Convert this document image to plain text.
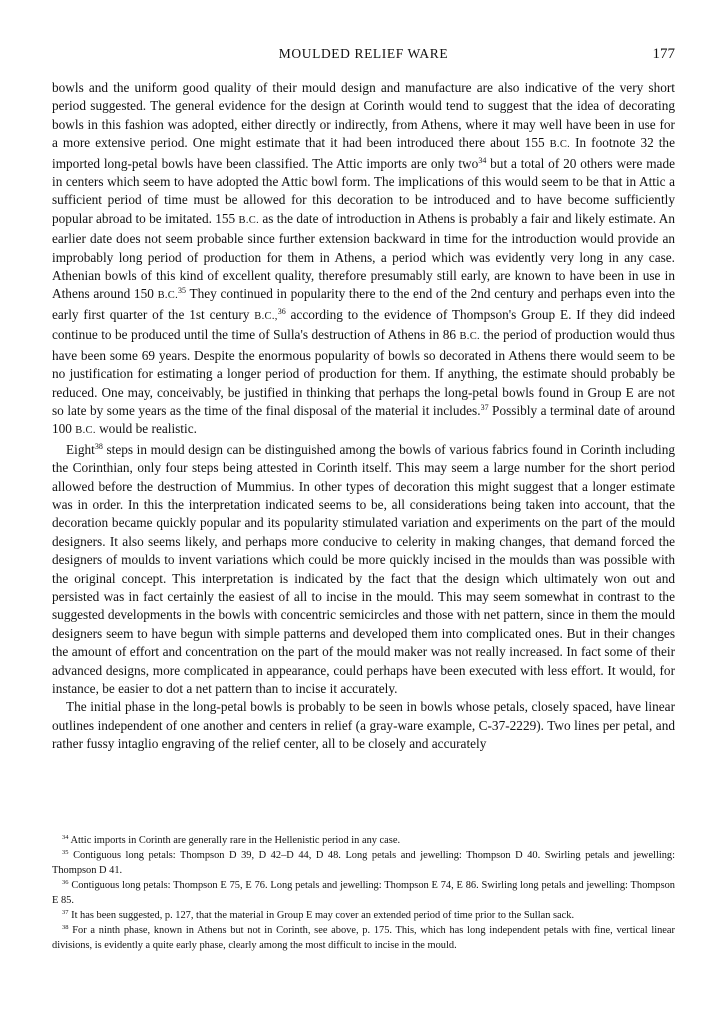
MOULDED RELIEF WARE	177

bowls and the uniform good quality of their mould design and manufacture are also indicative of the very short period suggested. The general evidence for the design at Corinth would tend to suggest that the idea of decorating bowls in this fashion was adopted, either directly or indirectly, from Athens, where it may well have been in use for a more extensive period. One might estimate that it had been introduced there about 155 B.C. In footnote 32 the imported long-petal bowls have been classified. The Attic imports are only two$^{34}$ but a total of 20 others were made in centers which seem to have adopted the Attic bowl form. The implications of this would seem to be that in Attic a sufficient period of time must be allowed for this decoration to be introduced and to have become sufficiently popular abroad to be imitated. 155 B.C. as the date of introduction in Athens is probably a fair and likely estimate. An earlier date does not seem probable since further extension backward in time for the introduction would provide an improbably long period of production for them in Athens, a period which was evidently very long in any case. Athenian bowls of this kind of excellent quality, therefore presumably still early, are known to have been in use in Athens around 150 B.C.$^{35}$ They continued in popularity there to the end of the 2nd century and perhaps even into the early first quarter of the 1st century B.C.,$^{36}$ according to the evidence of Thompson's Group E. If they did indeed continue to be produced until the time of Sulla's destruction of Athens in 86 B.C. the period of production would thus have been some 69 years. Despite the enormous popularity of bowls so decorated in Athens there would seem to be no justification for estimating a longer period of production for them. If anything, the estimate should probably be reduced. One may, conceivably, be justified in thinking that perhaps the long-petal bowls found in Group E are not so late by some years as the time of the final disposal of the material it includes.$^{37}$ Possibly a terminal date of around 100 B.C. would be realistic.

Eight$^{38}$ steps in mould design can be distinguished among the bowls of various fabrics found in Corinth including the Corinthian, only four steps being attested in Corinth itself. This may seem a large number for the short period allowed before the destruction of Mummius. In other types of decoration this might suggest that a longer estimate was in order. In this the interpretation indicated seems to be, all considerations being taken into account, that the decoration became quickly popular and its popularity stimulated variation and experiments on the part of the mould designers. It also seems likely, and perhaps more conducive to celerity in making changes, that demand forced the designers of moulds to invent variations which could be more quickly incised in the moulds than was possible with the original concept. This interpretation is indicated by the fact that the design which ultimately won out and persisted was in fact certainly the easiest of all to incise in the mould. This may seem somewhat in contrast to the suggested developments in the bowls with concentric semicircles and those with net pattern, since in them the mould designers seem to have begun with simple patterns and developed them into complicated ones. But in their changes the amount of effort and concentration on the part of the mould maker was not really increased. In fact some of their advanced designs, more complicated in appearance, could perhaps have been executed with less effort. It would, for instance, be easier to dot a net pattern than to incise it accurately.

The initial phase in the long-petal bowls is probably to be seen in bowls whose petals, closely spaced, have linear outlines independent of one another and centers in relief (a gray-ware example, C-37-2229). Two lines per petal, and rather fussy intaglio engraving of the relief center, all to be closely and accurately

$^{34}$ Attic imports in Corinth are generally rare in the Hellenistic period in any case.

$^{35}$ Contiguous long petals: Thompson D 39, D 42–D 44, D 48. Long petals and jewelling: Thompson D 40. Swirling petals and jewelling: Thompson D 41.

$^{36}$ Contiguous long petals: Thompson E 75, E 76. Long petals and jewelling: Thompson E 74, E 86. Swirling long petals and jewelling: Thompson E 85.

$^{37}$ It has been suggested, p. 127, that the material in Group E may cover an extended period of time prior to the Sullan sack.

$^{38}$ For a ninth phase, known in Athens but not in Corinth, see above, p. 175. This, which has long independent petals with fine, vertical linear divisions, is evidently a quite early phase, clearly among the most difficult to incise in the mould.
